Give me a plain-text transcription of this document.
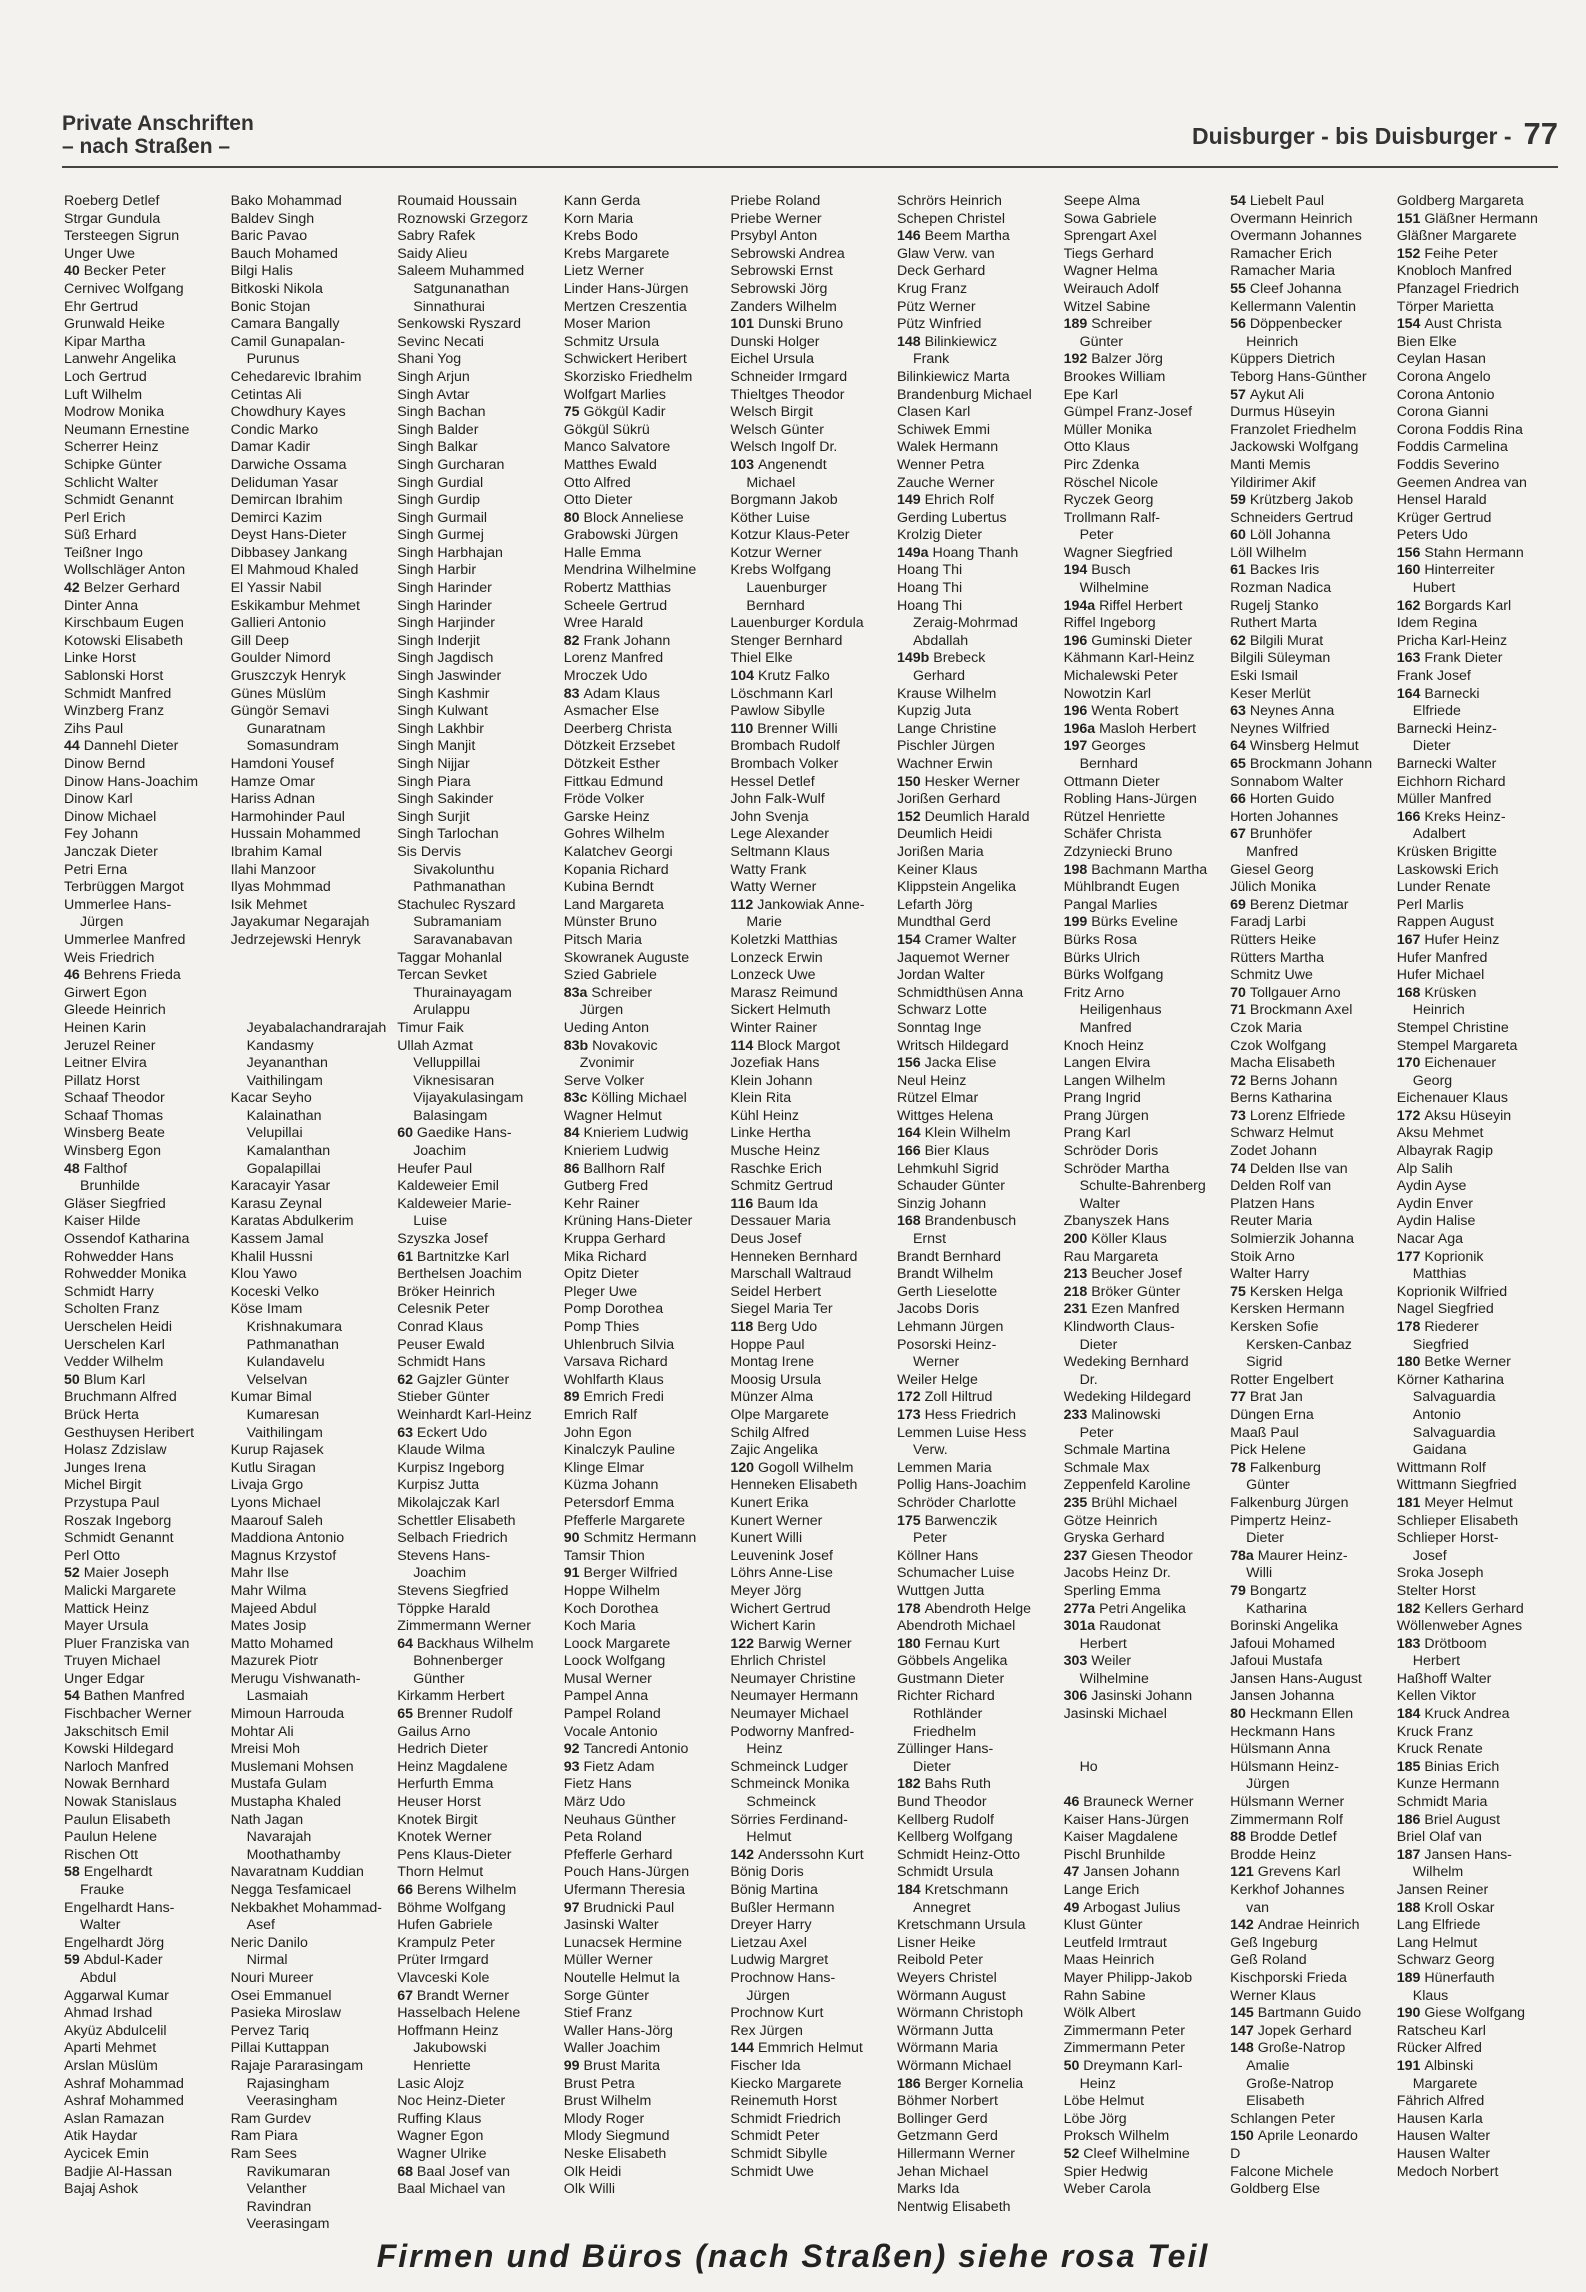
Private Anschriften
– nach Straßen –	Duisburger - bis Duisburger - 77
Roeberg Detlef
Strgar Gundula
Tersteegen Sigrun
Unger Uwe
40 Becker Peter
Cernivec Wolfgang
Ehr Gertrud
Grunwald Heike
Kipar Martha
Lanwehr Angelika
Loch Gertrud
Luft Wilhelm
Modrow Monika
Neumann Ernestine
Scherrer Heinz
Schipke Günter
Schlicht Walter
Schmidt Genannt
Perl Erich
Süß Erhard
Teißner Ingo
Wollschläger Anton
42 Belzer Gerhard
Dinter Anna
Kirschbaum Eugen
Kotowski Elisabeth
Linke Horst
Sablonski Horst
Schmidt Manfred
Winzberg Franz
Zihs Paul
44 Dannehl Dieter
Dinow Bernd
Dinow Hans-Joachim
Dinow Karl
Dinow Michael
Fey Johann
Janczak Dieter
Petri Erna
Terbrüggen Margot
Ummerlee Hans-
Jürgen
Ummerlee Manfred
Weis Friedrich
46 Behrens Frieda
Girwert Egon
Gleede Heinrich
Heinen Karin
Jeruzel Reiner
Leitner Elvira
Pillatz Horst
Schaaf Theodor
Schaaf Thomas
Winsberg Beate
Winsberg Egon
48 Falthof
Brunhilde
Gläser Siegfried
Kaiser Hilde
Ossendof Katharina
Rohwedder Hans
Rohwedder Monika
Schmidt Harry
Scholten Franz
Uerschelen Heidi
Uerschelen Karl
Vedder Wilhelm
50 Blum Karl
Bruchmann Alfred
Brück Herta
Gesthuysen Heribert
Holasz Zdzislaw
Junges Irena
Michel Birgit
Przystupa Paul
Roszak Ingeborg
Schmidt Genannt
Perl Otto
52 Maier Joseph
Malicki Margarete
Mattick Heinz
Mayer Ursula
Pluer Franziska van
Truyen Michael
Unger Edgar
54 Bathen Manfred
Fischbacher Werner
Jakschitsch Emil
Kowski Hildegard
Narloch Manfred
Nowak Bernhard
Nowak Stanislaus
Paulun Elisabeth
Paulun Helene
Rischen Ott
58 Engelhardt
Frauke
Engelhardt Hans-
Walter
Engelhardt Jörg
59 Abdul-Kader
Abdul
Aggarwal Kumar
Ahmad Irshad
Akyüz Abdulcelil
Aparti Mehmet
Arslan Müslüm
Ashraf Mohammad
Ashraf Mohammed
Aslan Ramazan
Atik Haydar
Aycicek Emin
Badjie Al-Hassan
Bajaj Ashok
Bako Mohammad
Baldev Singh
Baric Pavao
Bauch Mohamed
Bilgi Halis
Bitkoski Nikola
Bonic Stojan
Camara Bangally
Camil Gunapalan-
Purunus
Cehedarevic Ibrahim
Cetintas Ali
Chowdhury Kayes
Condic Marko
Damar Kadir
Darwiche Ossama
Deliduman Yasar
Demircan Ibrahim
Demirci Kazim
Deyst Hans-Dieter
Dibbasey Jankang
El Mahmoud Khaled
El Yassir Nabil
Eskikambur Mehmet
Gallieri Antonio
Gill Deep
Goulder Nimord
Gruszczyk Henryk
Günes Müslüm
Güngör Semavi
Gunaratnam
Somasundram
Hamdoni Yousef
Hamze Omar
Hariss Adnan
Harmohinder Paul
Hussain Mohammed
Ibrahim Kamal
Ilahi Manzoor
Ilyas Mohmmad
Isik Mehmet
Jayakumar Negarajah
Jedrzejewski Henryk

Jeyabalachandrarajah
Kandasmy
Jeyananthan
Vaithilingam
Kacar Seyho
Kalainathan
Velupillai
Kamalanthan
Gopalapillai
Karacayir Yasar
Karasu Zeynal
Karatas Abdulkerim
Kassem Jamal
Khalil Hussni
Klou Yawo
Koceski Velko
Köse Imam
Krishnakumara
Pathmanathan
Kulandavelu
Velselvan
Kumar Bimal
Kumaresan
Vaithilingam
Kurup Rajasek
Kutlu Siragan
Livaja Grgo
Lyons Michael
Maarouf Saleh
Maddiona Antonio
Magnus Krzystof
Mahr Ilse
Mahr Wilma
Majeed Abdul
Mates Josip
Matto Mohamed
Mazurek Piotr
Merugu Vishwanath-
Lasmaiah
Mimoun Harrouda
Mohtar Ali
Mreisi Moh
Muslemani Mohsen
Mustafa Gulam
Mustapha Khaled
Nath Jagan
Navarajah
Moothathamby
Navaratnam Kuddian
Negga Tesfamicael
Nekbakhet Mohammad-
Asef
Neric Danilo
Nirmal
Nouri Mureer
Osei Emmanuel
Pasieka Miroslaw
Pervez Tariq
Pillai Kuttappan
Rajaje Pararasingam
Rajasingham
Veerasingham
Ram Gurdev
Ram Piara
Ram Sees
Ravikumaran
Velanther
Ravindran
Veerasingam
Roumaid Houssain
Roznowski Grzegorz
Sabry Rafek
Saidy Alieu
Saleem Muhammed
Satgunanathan
Sinnathurai
Senkowski Ryszard
Sevinc Necati
Shani Yog
Singh Arjun
Singh Avtar
Singh Bachan
Singh Balder
Singh Balkar
Singh Gurcharan
Singh Gurdial
Singh Gurdip
Singh Gurmail
Singh Gurmej
Singh Harbhajan
Singh Harbir
Singh Harinder
Singh Harinder
Singh Harjinder
Singh Inderjit
Singh Jagdisch
Singh Jaswinder
Singh Kashmir
Singh Kulwant
Singh Lakhbir
Singh Manjit
Singh Nijjar
Singh Piara
Singh Sakinder
Singh Surjit
Singh Tarlochan
Sis Dervis
Sivakolunthu
Pathmanathan
Stachulec Ryszard
Subramaniam
Saravanabavan
Taggar Mohanlal
Tercan Sevket
Thurainayagam
Arulappu
Timur Faik
Ullah Azmat
Velluppillai
Viknesisaran
Vijayakulasingam
Balasingam
60 Gaedike Hans-
Joachim
Heufer Paul
Kaldeweier Emil
Kaldeweier Marie-
Luise
Szyszka Josef
61 Bartnitzke Karl
Berthelsen Joachim
Bröker Heinrich
Celesnik Peter
Conrad Klaus
Peuser Ewald
Schmidt Hans
62 Gajzler Günter
Stieber Günter
Weinhardt Karl-Heinz
63 Eckert Udo
Klaude Wilma
Kurpisz Ingeborg
Kurpisz Jutta
Mikolajczak Karl
Schettler Elisabeth
Selbach Friedrich
Stevens Hans-
Joachim
Stevens Siegfried
Töppke Harald
Zimmermann Werner
64 Backhaus Wilhelm
Bohnenberger
Günther
Kirkamm Herbert
65 Brenner Rudolf
Gailus Arno
Hedrich Dieter
Heinz Magdalene
Herfurth Emma
Heuser Horst
Knotek Birgit
Knotek Werner
Pens Klaus-Dieter
Thorn Helmut
66 Berens Wilhelm
Böhme Wolfgang
Hufen Gabriele
Krampulz Peter
Prüter Irmgard
Vlavceski Kole
67 Brandt Werner
Hasselbach Helene
Hoffmann Heinz
Jakubowski
Henriette
Lasic Alojz
Noc Heinz-Dieter
Ruffing Klaus
Wagner Egon
Wagner Ulrike
68 Baal Josef van
Baal Michael van
Kann Gerda
Korn Maria
Krebs Bodo
Krebs Margarete
Lietz Werner
Linder Hans-Jürgen
Mertzen Creszentia
Moser Marion
Schmitz Ursula
Schwickert Heribert
Skorzisko Friedhelm
Wolfgart Marlies
75 Gökgül Kadir
Gökgül Sükrü
Manco Salvatore
Matthes Ewald
Otto Alfred
Otto Dieter
80 Block Anneliese
Grabowski Jürgen
Halle Emma
Mendrina Wilhelmine
Robertz Matthias
Scheele Gertrud
Wree Harald
82 Frank Johann
Lorenz Manfred
Mroczek Udo
83 Adam Klaus
Asmacher Else
Deerberg Christa
Dötzkeit Erzsebet
Dötzkeit Esther
Fittkau Edmund
Fröde Volker
Garske Heinz
Gohres Wilhelm
Kalatchev Georgi
Kopania Richard
Kubina Berndt
Land Margareta
Münster Bruno
Pitsch Maria
Skowranek Auguste
Szied Gabriele
83a Schreiber
Jürgen
Ueding Anton
83b Novakovic
Zvonimir
Serve Volker
83c Kölling Michael
Wagner Helmut
84 Knieriem Ludwig
Knieriem Ludwig
86 Ballhorn Ralf
Gutberg Fred
Kehr Rainer
Krüning Hans-Dieter
Kruppa Gerhard
Mika Richard
Opitz Dieter
Pleger Uwe
Pomp Dorothea
Pomp Thies
Uhlenbruch Silvia
Varsava Richard
Wohlfarth Klaus
89 Emrich Fredi
Emrich Ralf
John Egon
Kinalczyk Pauline
Klinge Elmar
Küzma Johann
Petersdorf Emma
Pfefferle Margarete
90 Schmitz Hermann
Tamsir Thion
91 Berger Wilfried
Hoppe Wilhelm
Koch Dorothea
Koch Maria
Loock Margarete
Loock Wolfgang
Musal Werner
Pampel Anna
Pampel Roland
Vocale Antonio
92 Tancredi Antonio
93 Fietz Adam
Fietz Hans
März Udo
Neuhaus Günther
Peta Roland
Pfefferle Gerhard
Pouch Hans-Jürgen
Ufermann Theresia
97 Brudnicki Paul
Jasinski Walter
Lunacsek Hermine
Müller Werner
Noutelle Helmut la
Sorge Günter
Stief Franz
Waller Hans-Jörg
Waller Joachim
99 Brust Marita
Brust Petra
Brust Wilhelm
Mlody Roger
Mlody Siegmund
Neske Elisabeth
Olk Heidi
Olk Willi
Priebe Roland
Priebe Werner
Prsybyl Anton
Sebrowski Andrea
Sebrowski Ernst
Sebrowski Jörg
Zanders Wilhelm
101 Dunski Bruno
Dunski Holger
Eichel Ursula
Schneider Irmgard
Thieltges Theodor
Welsch Birgit
Welsch Günter
Welsch Ingolf Dr.
103 Angenendt
Michael
Borgmann Jakob
Köther Luise
Kotzur Klaus-Peter
Kotzur Werner
Krebs Wolfgang
Lauenburger
Bernhard
Lauenburger Kordula
Stenger Bernhard
Thiel Elke
104 Krutz Falko
Löschmann Karl
Pawlow Sibylle
110 Brenner Willi
Brombach Rudolf
Brombach Volker
Hessel Detlef
John Falk-Wulf
John Svenja
Lege Alexander
Seltmann Klaus
Watty Frank
Watty Werner
112 Jankowiak Anne-
Marie
Koletzki Matthias
Lonzeck Erwin
Lonzeck Uwe
Marasz Reimund
Sickert Helmuth
Winter Rainer
114 Block Margot
Jozefiak Hans
Klein Johann
Klein Rita
Kühl Heinz
Linke Hertha
Musche Heinz
Raschke Erich
Schmitz Gertrud
116 Baum Ida
Dessauer Maria
Deus Josef
Henneken Bernhard
Marschall Waltraud
Seidel Herbert
Siegel Maria Ter
118 Berg Udo
Hoppe Paul
Montag Irene
Moosig Ursula
Münzer Alma
Olpe Margarete
Schilg Alfred
Zajic Angelika
120 Gogoll Wilhelm
Henneken Elisabeth
Kunert Erika
Kunert Werner
Kunert Willi
Leuvenink Josef
Löhrs Anne-Lise
Meyer Jörg
Wichert Gertrud
Wichert Karin
122 Barwig Werner
Ehrlich Christel
Neumayer Christine
Neumayer Hermann
Neumayer Michael
Podworny Manfred-
Heinz
Schmeinck Ludger
Schmeinck Monika
Schmeinck
Sörries Ferdinand-
Helmut
142 Anderssohn Kurt
Bönig Doris
Bönig Martina
Bußler Hermann
Dreyer Harry
Lietzau Axel
Ludwig Margret
Prochnow Hans-
Jürgen
Prochnow Kurt
Rex Jürgen
144 Emmrich Helmut
Fischer Ida
Kiecko Margarete
Reinemuth Horst
Schmidt Friedrich
Schmidt Peter
Schmidt Sibylle
Schmidt Uwe
Schrörs Heinrich
Schepen Christel
146 Beem Martha
Glaw Verw. van
Deck Gerhard
Krug Franz
Pütz Werner
Pütz Winfried
148 Bilinkiewicz
Frank
Bilinkiewicz Marta
Brandenburg Michael
Clasen Karl
Schiwek Emmi
Walek Hermann
Wenner Petra
Zauche Werner
149 Ehrich Rolf
Gerding Lubertus
Krolzig Dieter
149a Hoang Thanh
Hoang Thi
Hoang Thi
Hoang Thi
Zeraig-Mohrmad
Abdallah
149b Brebeck
Gerhard
Krause Wilhelm
Kupzig Juta
Lange Christine
Pischler Jürgen
Wachner Erwin
150 Hesker Werner
Jorißen Gerhard
152 Deumlich Harald
Deumlich Heidi
Jorißen Maria
Keiner Klaus
Klippstein Angelika
Lefarth Jörg
Mundthal Gerd
154 Cramer Walter
Jaquemot Werner
Jordan Walter
Schmidthüsen Anna
Schwarz Lotte
Sonntag Inge
Writsch Hildegard
156 Jacka Elise
Neul Heinz
Rützel Elmar
Wittges Helena
164 Klein Wilhelm
166 Bier Klaus
Lehmkuhl Sigrid
Schauder Günter
Sinzig Johann
168 Brandenbusch
Ernst
Brandt Bernhard
Brandt Wilhelm
Gerth Lieselotte
Jacobs Doris
Lehmann Jürgen
Posorski Heinz-
Werner
Weiler Helge
172 Zoll Hiltrud
173 Hess Friedrich
Lemmen Luise Hess
Verw.
Lemmen Maria
Pollig Hans-Joachim
Schröder Charlotte
175 Barwenczik
Peter
Köllner Hans
Schumacher Luise
Wuttgen Jutta
178 Abendroth Helge
Abendroth Michael
180 Fernau Kurt
Göbbels Angelika
Gustmann Dieter
Richter Richard
Rothländer
Friedhelm
Züllinger Hans-
Dieter
182 Bahs Ruth
Bund Theodor
Kellberg Rudolf
Kellberg Wolfgang
Schmidt Heinz-Otto
Schmidt Ursula
184 Kretschmann
Annegret
Kretschmann Ursula
Lisner Heike
Reibold Peter
Weyers Christel
Wörmann August
Wörmann Christoph
Wörmann Jutta
Wörmann Maria
Wörmann Michael
186 Berger Kornelia
Böhmer Norbert
Bollinger Gerd
Getzmann Gerd
Hillermann Werner
Jehan Michael
Marks Ida
Nentwig Elisabeth
Seepe Alma
Sowa Gabriele
Sprengart Axel
Tiegs Gerhard
Wagner Helma
Weirauch Adolf
Witzel Sabine
189 Schreiber
Günter
192 Balzer Jörg
Brookes William
Epe Karl
Gümpel Franz-Josef
Müller Monika
Otto Klaus
Pirc Zdenka
Röschel Nicole
Ryczek Georg
Trollmann Ralf-
Peter
Wagner Siegfried
194 Busch
Wilhelmine
194a Riffel Herbert
Riffel Ingeborg
196 Guminski Dieter
Kähmann Karl-Heinz
Michalewski Peter
Nowotzin Karl
196 Wenta Robert
196a Masloh Herbert
197 Georges
Bernhard
Ottmann Dieter
Robling Hans-Jürgen
Rützel Henriette
Schäfer Christa
Zdzyniecki Bruno
198 Bachmann Martha
Mühlbrandt Eugen
Pangal Marlies
199 Bürks Eveline
Bürks Rosa
Bürks Ulrich
Bürks Wolfgang
Fritz Arno
Heiligenhaus
Manfred
Knoch Heinz
Langen Elvira
Langen Wilhelm
Prang Ingrid
Prang Jürgen
Prang Karl
Schröder Doris
Schröder Martha
Schulte-Bahrenberg
Walter
Zbanyszek Hans
200 Köller Klaus
Rau Margareta
213 Beucher Josef
218 Bröker Günter
231 Ezen Manfred
Klindworth Claus-
Dieter
Wedeking Bernhard
Dr.
Wedeking Hildegard
233 Malinowski
Peter
Schmale Martina
Schmale Max
Zeppenfeld Karoline
235 Brühl Michael
Götze Heinrich
Gryska Gerhard
237 Giesen Theodor
Jacobs Heinz Dr.
Sperling Emma
277a Petri Angelika
301a Raudonat
Herbert
303 Weiler
Wilhelmine
306 Jasinski Johann
Jasinski Michael

Ho

46 Brauneck Werner
Kaiser Hans-Jürgen
Kaiser Magdalene
Pischl Brunhilde
47 Jansen Johann
Lange Erich
49 Arbogast Julius
Klust Günter
Leutfeld Irmtraut
Maas Heinrich
Mayer Philipp-Jakob
Rahn Sabine
Wölk Albert
Zimmermann Peter
Zimmermann Peter
50 Dreymann Karl-
Heinz
Löbe Helmut
Löbe Jörg
Proksch Wilhelm
52 Cleef Wilhelmine
Spier Hedwig
Weber Carola
54 Liebelt Paul
Overmann Heinrich
Overmann Johannes
Ramacher Erich
Ramacher Maria
55 Cleef Johanna
Kellermann Valentin
56 Döppenbecker
Heinrich
Küppers Dietrich
Teborg Hans-Günther
57 Aykut Ali
Durmus Hüseyin
Franzolet Friedhelm
Jackowski Wolfgang
Manti Memis
Yildirimer Akif
59 Krützberg Jakob
Schneiders Gertrud
60 Löll Johanna
Löll Wilhelm
61 Backes Iris
Rozman Nadica
Rugelj Stanko
Ruthert Marta
62 Bilgili Murat
Bilgili Süleyman
Eski Ismail
Keser Merlüt
63 Neynes Anna
Neynes Wilfried
64 Winsberg Helmut
65 Brockmann Johann
Sonnabom Walter
66 Horten Guido
Horten Johannes
67 Brunhöfer
Manfred
Giesel Georg
Jülich Monika
69 Berenz Dietmar
Faradj Larbi
Rütters Heike
Rütters Martha
Schmitz Uwe
70 Tollgauer Arno
71 Brockmann Axel
Czok Maria
Czok Wolfgang
Macha Elisabeth
72 Berns Johann
Berns Katharina
73 Lorenz Elfriede
Schwarz Helmut
Zodet Johann
74 Delden Ilse van
Delden Rolf van
Platzen Hans
Reuter Maria
Solmierzik Johanna
Stoik Arno
Walter Harry
75 Kersken Helga
Kersken Hermann
Kersken Sofie
Kersken-Canbaz
Sigrid
Rotter Engelbert
77 Brat Jan
Düngen Erna
Maaß Paul
Pick Helene
78 Falkenburg
Günter
Falkenburg Jürgen
Pimpertz Heinz-
Dieter
78a Maurer Heinz-
Willi
79 Bongartz
Katharina
Borinski Angelika
Jafoui Mohamed
Jafoui Mustafa
Jansen Hans-August
Jansen Johanna
80 Heckmann Ellen
Heckmann Hans
Hülsmann Anna
Hülsmann Heinz-
Jürgen
Hülsmann Werner
Zimmermann Rolf
88 Brodde Detlef
Brodde Heinz
121 Grevens Karl
Kerkhof Johannes
van
142 Andrae Heinrich
Geß Ingeburg
Geß Roland
Kischporski Frieda
Werner Klaus
145 Bartmann Guido
147 Jopek Gerhard
148 Große-Natrop
Amalie
Große-Natrop
Elisabeth
Schlangen Peter
150 Aprile Leonardo
D
Falcone Michele
Goldberg Else
Goldberg Margareta
151 Gläßner Hermann
Gläßner Margarete
152 Feihe Peter
Knobloch Manfred
Pfanzagel Friedrich
Törper Marietta
154 Aust Christa
Bien Elke
Ceylan Hasan
Corona Angelo
Corona Antonio
Corona Gianni
Corona Foddis Rina
Foddis Carmelina
Foddis Severino
Geemen Andrea van
Hensel Harald
Krüger Gertrud
Peters Udo
156 Stahn Hermann
160 Hinterreiter
Hubert
162 Borgards Karl
Idem Regina
Pricha Karl-Heinz
163 Frank Dieter
Frank Josef
164 Barnecki
Elfriede
Barnecki Heinz-
Dieter
Barnecki Walter
Eichhorn Richard
Müller Manfred
166 Kreks Heinz-
Adalbert
Krüsken Brigitte
Laskowski Erich
Lunder Renate
Perl Marlis
Rappen August
167 Hufer Heinz
Hufer Manfred
Hufer Michael
168 Krüsken
Heinrich
Stempel Christine
Stempel Margareta
170 Eichenauer
Georg
Eichenauer Klaus
172 Aksu Hüseyin
Aksu Mehmet
Albayrak Ragip
Alp Salih
Aydin Ayse
Aydin Enver
Aydin Halise
Nacar Aga
177 Koprionik
Matthias
Koprionik Wilfried
Nagel Siegfried
178 Riederer
Siegfried
180 Betke Werner
Körner Katharina
Salvaguardia
Antonio
Salvaguardia
Gaidana
Wittmann Rolf
Wittmann Siegfried
181 Meyer Helmut
Schlieper Elisabeth
Schlieper Horst-
Josef
Sroka Joseph
Stelter Horst
182 Kellers Gerhard
Wöllenweber Agnes
183 Drötboom
Herbert
Haßhoff Walter
Kellen Viktor
184 Kruck Andrea
Kruck Franz
Kruck Renate
185 Binias Erich
Kunze Hermann
Schmidt Maria
186 Briel August
Briel Olaf van
187 Jansen Hans-
Wilhelm
Jansen Reiner
188 Kroll Oskar
Lang Elfriede
Lang Helmut
Schwarz Georg
189 Hünerfauth
Klaus
190 Giese Wolfgang
Ratscheu Karl
Rücker Alfred
191 Albinski
Margarete
Fährich Alfred
Hausen Karla
Hausen Walter
Hausen Walter
Medoch Norbert
Firmen und Büros (nach Straßen) siehe rosa Teil
